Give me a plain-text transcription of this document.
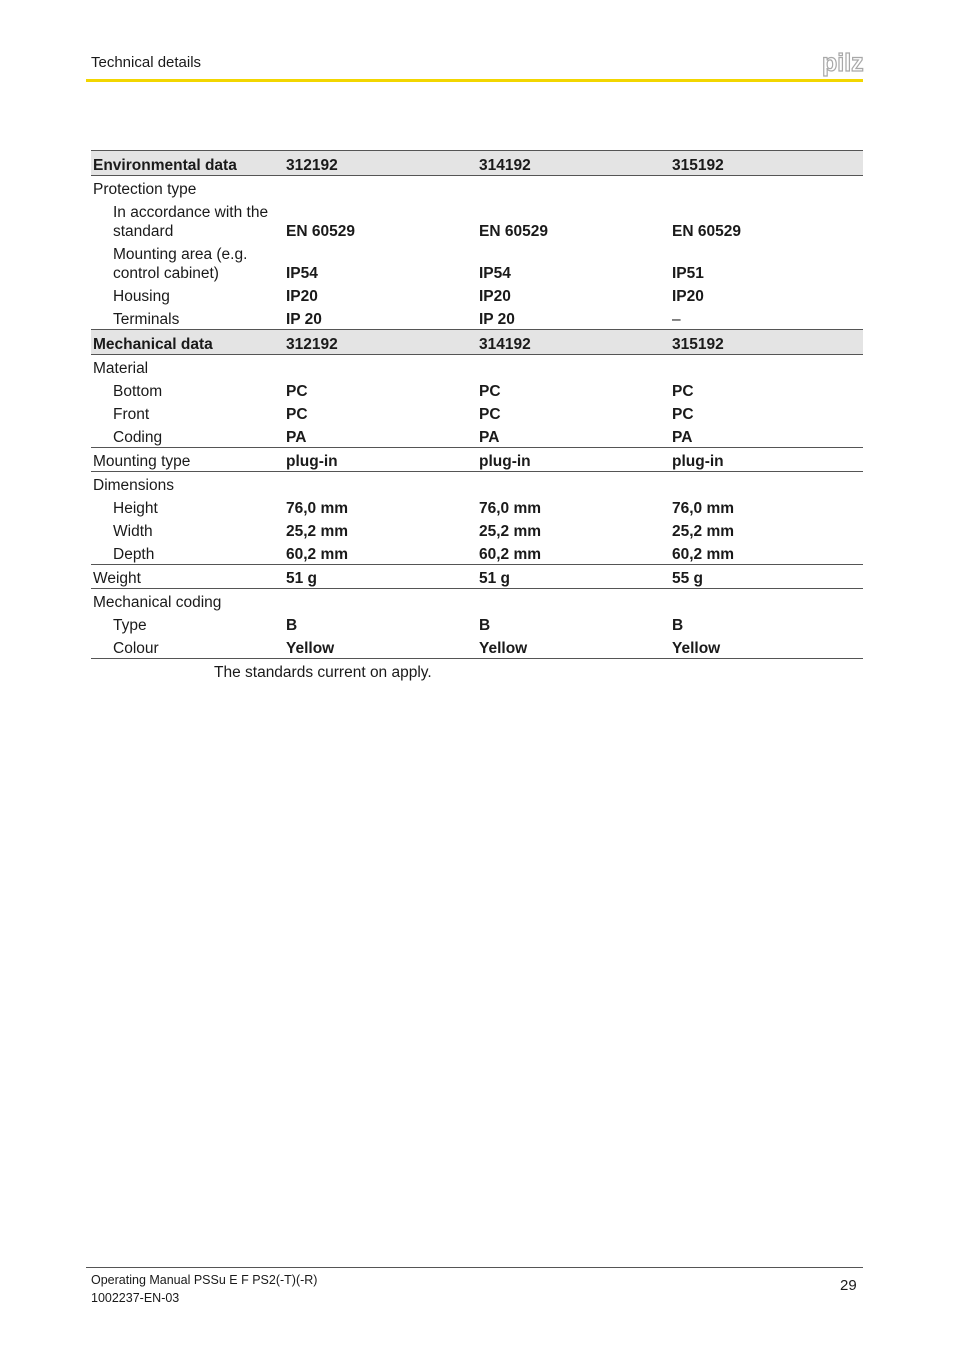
Technical details	pilz
Environmental data	312192	314192	315192
Protection type			
In accordance with the standard	EN 60529	EN 60529	EN 60529
Mounting area (e.g. control cabinet)	IP54	IP54	IP51
Housing	IP20	IP20	IP20
Terminals	IP 20	IP 20	–
Mechanical data	312192	314192	315192
Material			
Bottom	PC	PC	PC
Front	PC	PC	PC
Coding	PA	PA	PA
Mounting type	plug-in	plug-in	plug-in
Dimensions			
Height	76,0 mm	76,0 mm	76,0 mm
Width	25,2 mm	25,2 mm	25,2 mm
Depth	60,2 mm	60,2 mm	60,2 mm
Weight	51 g	51 g	55 g
Mechanical coding			
Type	B	B	B
Colour	Yellow	Yellow	Yellow
The standards current on apply.
Operating Manual PSSu E F PS2(-T)(-R)
1002237-EN-03
29
